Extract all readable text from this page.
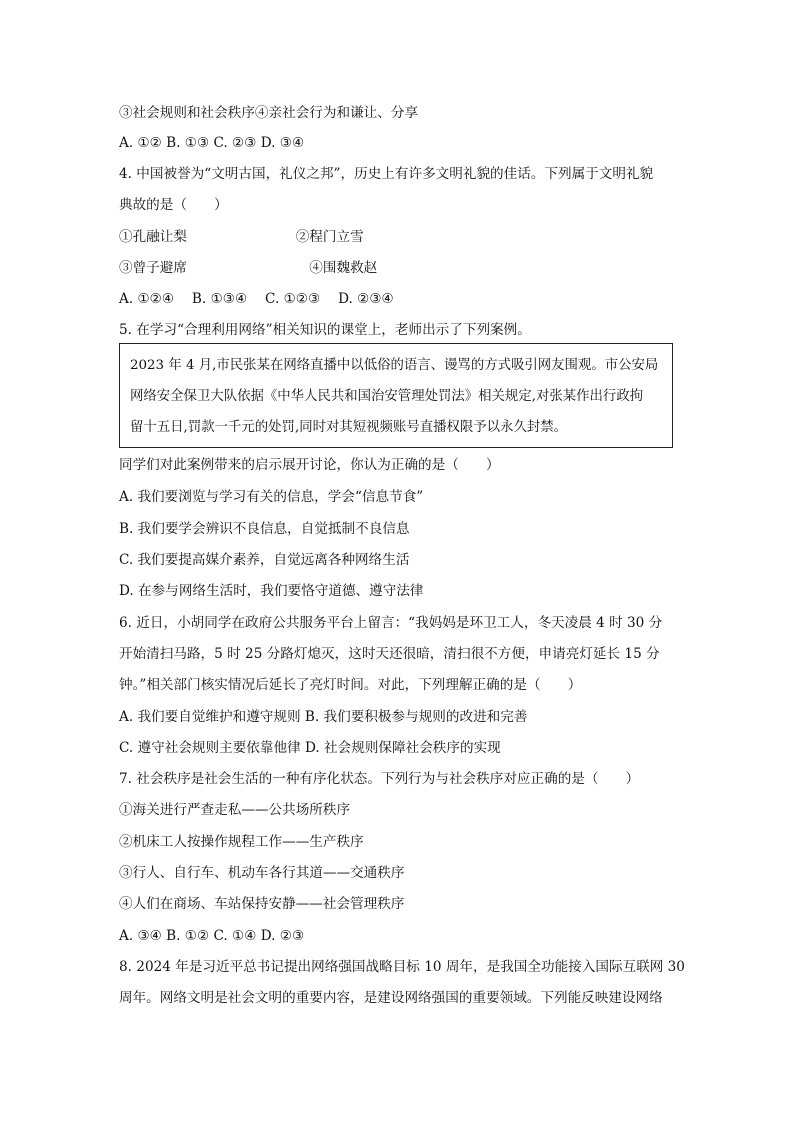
③社会规则和社会秩序④亲社会行为和谦让、分享
A. ①② B. ①③ C. ②③ D. ③④
4. 中国被誉为“文明古国，礼仪之邦”，历史上有许多文明礼貌的佳话。下列属于文明礼貌
典故的是（　　）
①孔融让梨　　　　　　　　②程门立雪
③曾子避席　　　　　　　　　④围魏救赵
A. ①②④　 B. ①③④　 C. ①②③　 D. ②③④
5. 在学习“合理利用网络”相关知识的课堂上，老师出示了下列案例。
2023 年 4 月,市民张某在网络直播中以低俗的语言、谩骂的方式吸引网友围观。市公安局
网络安全保卫大队依据《中华人民共和国治安管理处罚法》相关规定,对张某作出行政拘
留十五日,罚款一千元的处罚,同时对其短视频账号直播权限予以永久封禁。
同学们对此案例带来的启示展开讨论，你认为正确的是（　　）
A. 我们要浏览与学习有关的信息，学会“信息节食”
B. 我们要学会辨识不良信息，自觉抵制不良信息
C. 我们要提高媒介素养，自觉远离各种网络生活
D. 在参与网络生活时，我们要恪守道德、遵守法律
6. 近日，小胡同学在政府公共服务平台上留言：“我妈妈是环卫工人，冬天凌晨 4 时 30 分
开始清扫马路，5 时 25 分路灯熄灭，这时天还很暗，清扫很不方便，申请亮灯延长 15 分
钟。”相关部门核实情况后延长了亮灯时间。对此，下列理解正确的是（　　）
A. 我们要自觉维护和遵守规则 B. 我们要积极参与规则的改进和完善
C. 遵守社会规则主要依靠他律 D. 社会规则保障社会秩序的实现
7. 社会秩序是社会生活的一种有序化状态。下列行为与社会秩序对应正确的是（　　）
①海关进行严查走私——公共场所秩序
②机床工人按操作规程工作——生产秩序
③行人、自行车、机动车各行其道——交通秩序
④人们在商场、车站保持安静——社会管理秩序
A. ③④ B. ①② C. ①④ D. ②③
8. 2024 年是习近平总书记提出网络强国战略目标 10 周年，是我国全功能接入国际互联网 30
周年。网络文明是社会文明的重要内容，是建设网络强国的重要领域。下列能反映建设网络
